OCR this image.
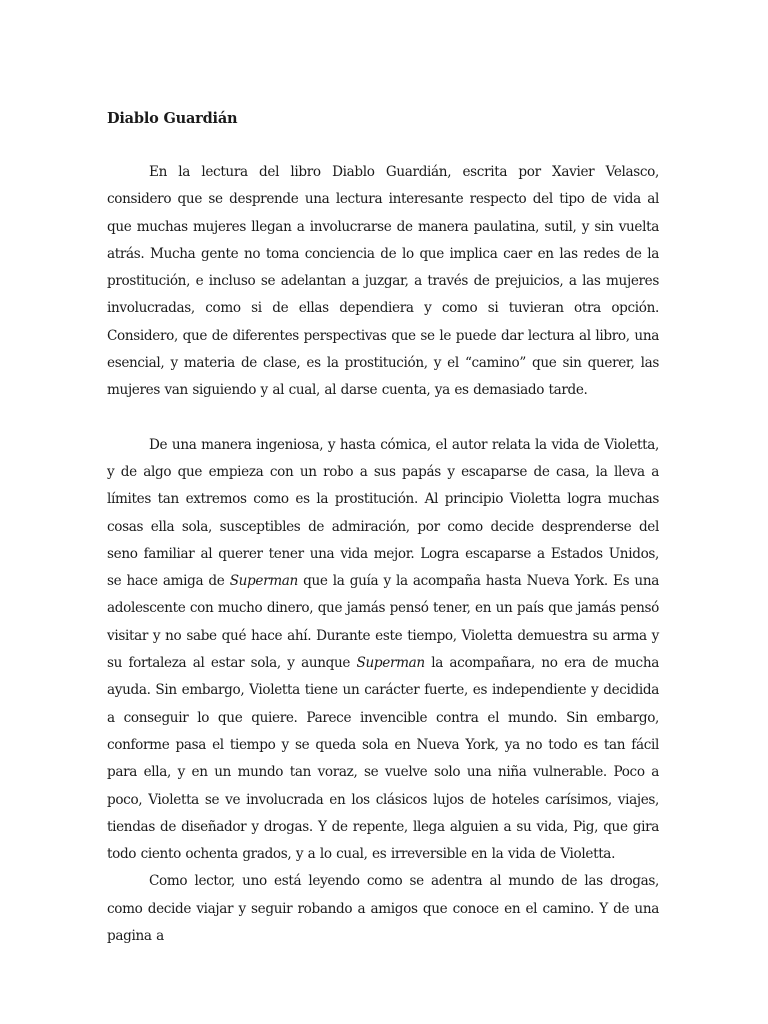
Diablo Guardián

En la lectura del libro Diablo Guardián, escrita por Xavier Velasco, considero que se desprende una lectura interesante respecto del tipo de vida al que muchas mujeres llegan a involucrarse de manera paulatina, sutil, y sin vuelta atrás. Mucha gente no toma conciencia de lo que implica caer en las redes de la prostitución, e incluso se adelantan a juzgar, a través de prejuicios, a las mujeres involucradas, como si de ellas dependiera y como si tuvieran otra opción. Considero, que de diferentes perspectivas que se le puede dar lectura al libro, una esencial, y materia de clase, es la prostitución, y el “camino” que sin querer, las mujeres van siguiendo y al cual, al darse cuenta, ya es demasiado tarde.

De una manera ingeniosa, y hasta cómica, el autor relata la vida de Violetta, y de algo que empieza con un robo a sus papás y escaparse de casa, la lleva a límites tan extremos como es la prostitución. Al principio Violetta logra muchas cosas ella sola, susceptibles de admiración, por como decide desprenderse del seno familiar al querer tener una vida mejor. Logra escaparse a Estados Unidos, se hace amiga de Superman que la guía y la acompaña hasta Nueva York. Es una adolescente con mucho dinero, que jamás pensó tener, en un país que jamás pensó visitar y no sabe qué hace ahí. Durante este tiempo, Violetta demuestra su arma y su fortaleza al estar sola, y aunque Superman la acompañara, no era de mucha ayuda. Sin embargo, Violetta tiene un carácter fuerte, es independiente y decidida a conseguir lo que quiere. Parece invencible contra el mundo. Sin embargo, conforme pasa el tiempo y se queda sola en Nueva York, ya no todo es tan fácil para ella, y en un mundo tan voraz, se vuelve solo una niña vulnerable. Poco a poco, Violetta se ve involucrada en los clásicos lujos de hoteles carísimos, viajes, tiendas de diseñador y drogas. Y de repente, llega alguien a su vida, Pig, que gira todo ciento ochenta grados, y a lo cual, es irreversible en la vida de Violetta.

Como lector, uno está leyendo como se adentra al mundo de las drogas, como decide viajar y seguir robando a amigos que conoce en el camino. Y de una pagina a
